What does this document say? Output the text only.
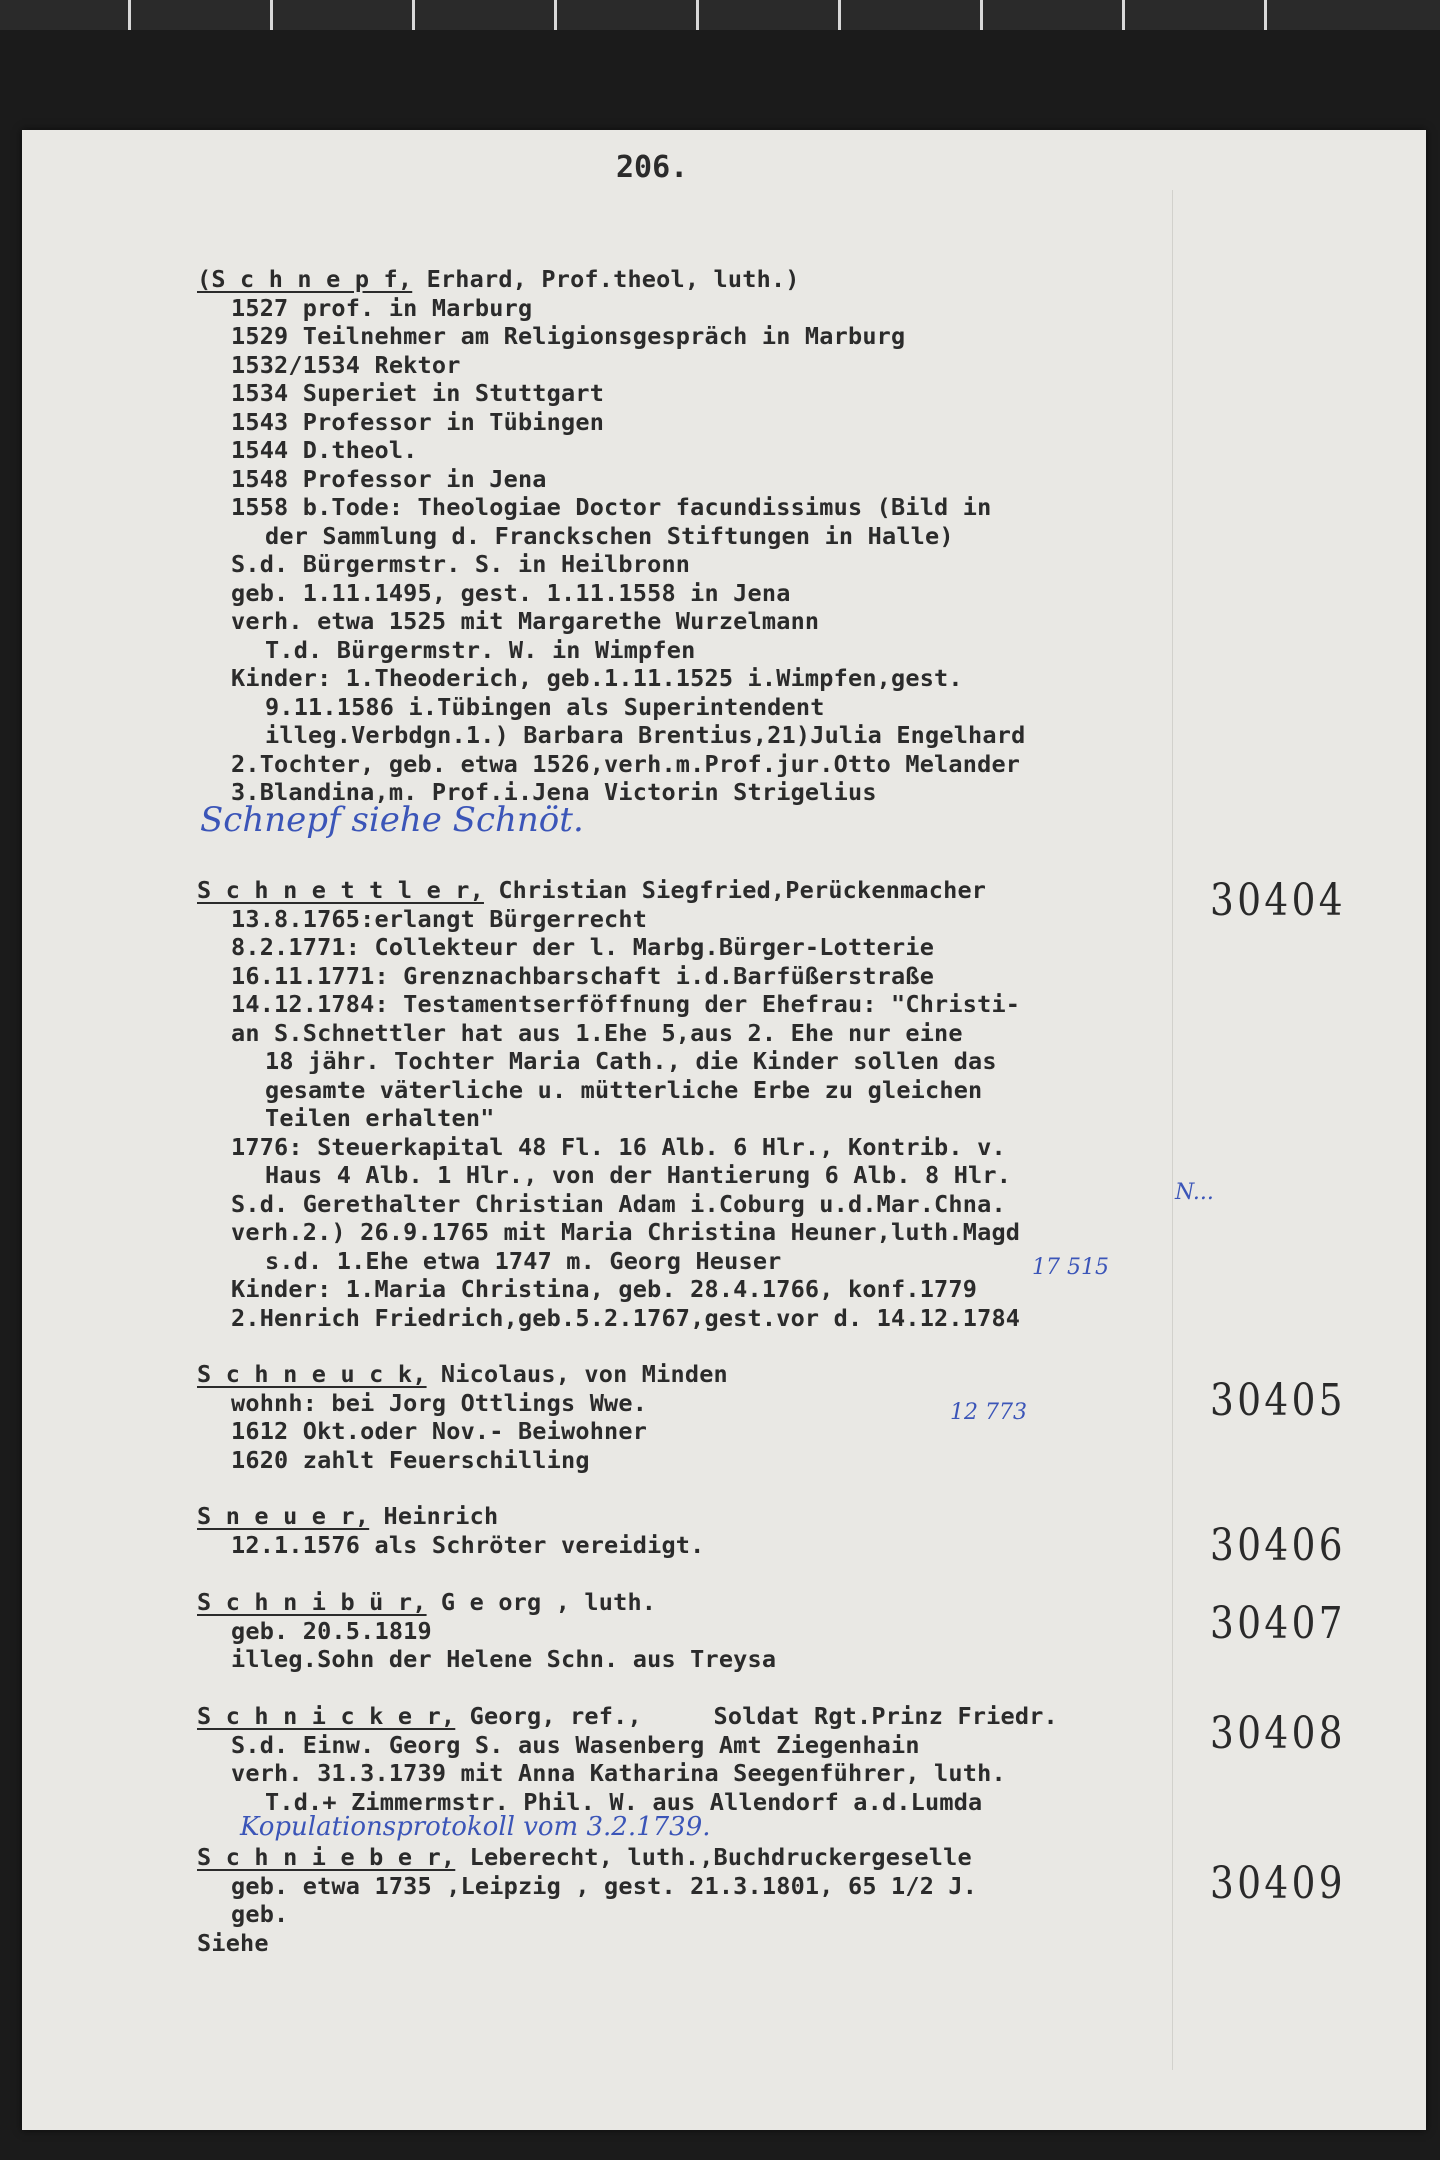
206.
(S c h n e p f, Erhard, Prof.theol, luth.)
1527 prof. in Marburg
1529 Teilnehmer am Religionsgespräch in Marburg
1532/1534 Rektor
1534 Superiet in Stuttgart
1543 Professor in Tübingen
1544 D.theol.
1548 Professor in Jena
1558 b.Tode: Theologiae Doctor facundissimus (Bild in
der Sammlung d. Franckschen Stiftungen in Halle)
S.d. Bürgermstr. S. in Heilbronn
geb. 1.11.1495, gest. 1.11.1558 in Jena
verh. etwa 1525 mit Margarethe Wurzelmann
T.d. Bürgermstr. W. in Wimpfen
Kinder: 1.Theoderich, geb.1.11.1525 i.Wimpfen,gest.
9.11.1586 i.Tübingen als Superintendent
illeg.Verbdgn.1.) Barbara Brentius,21)Julia Engelhard
2.Tochter, geb. etwa 1526,verh.m.Prof.jur.Otto Melander
3.Blandina,m. Prof.i.Jena Victorin Strigelius
S c h n e t t l e r, Christian Siegfried,Perückenmacher
13.8.1765:erlangt Bürgerrecht
8.2.1771: Collekteur der l. Marbg.Bürger-Lotterie
16.11.1771: Grenznachbarschaft i.d.Barfüßerstraße
14.12.1784: Testamentserföffnung der Ehefrau: "Christi-
an S.Schnettler hat aus 1.Ehe 5,aus 2. Ehe nur eine
18 jähr. Tochter Maria Cath., die Kinder sollen das
gesamte väterliche u. mütterliche Erbe zu gleichen
Teilen erhalten"
1776: Steuerkapital 48 Fl. 16 Alb. 6 Hlr., Kontrib. v.
Haus 4 Alb. 1 Hlr., von der Hantierung 6 Alb. 8 Hlr.
S.d. Gerethalter Christian Adam i.Coburg u.d.Mar.Chna.
verh.2.) 26.9.1765 mit Maria Christina Heuner,luth.Magd
s.d. 1.Ehe etwa 1747 m. Georg Heuser
Kinder: 1.Maria Christina, geb. 28.4.1766, konf.1779
2.Henrich Friedrich,geb.5.2.1767,gest.vor d. 14.12.1784
30404
S c h n e u c k, Nicolaus, von Minden
wohnh: bei Jorg Ottlings Wwe.
1612 Okt.oder Nov.- Beiwohner
1620 zahlt Feuerschilling
30405
S n e u e r, Heinrich
12.1.1576 als Schröter vereidigt.	30406
S c h n i b ü r, G e org , luth.
geb. 20.5.1819
illeg.Sohn der Helene Schn. aus Treysa
30407
S c h n i c k e r, Georg, ref.,     Soldat Rgt.Prinz Friedr.
S.d. Einw. Georg S. aus Wasenberg Amt Ziegenhain
verh. 31.3.1739 mit Anna Katharina Seegenführer, luth.
T.d.+ Zimmermstr. Phil. W. aus Allendorf a.d.Lumda
30408
S c h n i e b e r, Leberecht, luth.,Buchdruckergeselle
geb. etwa 1735 ,Leipzig , gest. 21.3.1801, 65 1/2 J.
geb.
Siehe
30409
Schnepf siehe Schnöt.
N...
17 515
12 773
Kopulationsprotokoll vom 3.2.1739.
